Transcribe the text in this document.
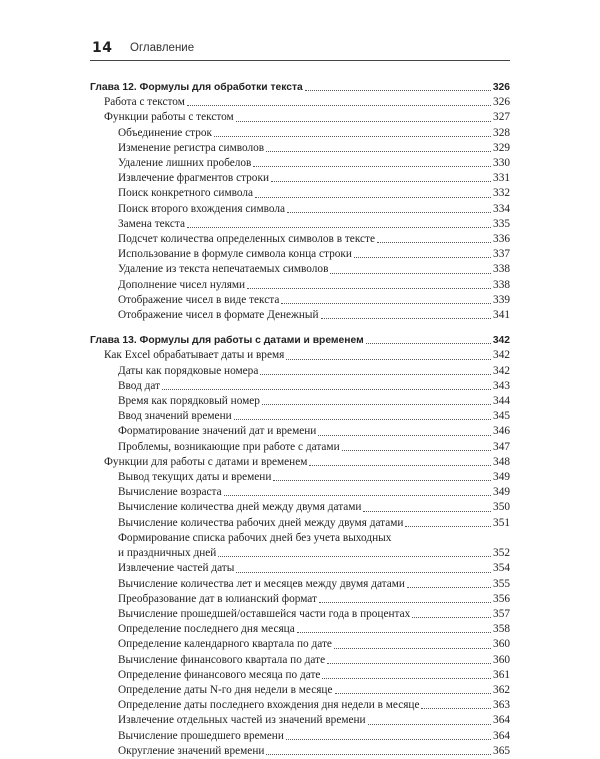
14 Оглавление
Глава 12. Формулы для обработки текста	326
Работа с текстом	326
Функции работы с текстом	327
Объединение строк	328
Изменение регистра символов	329
Удаление лишних пробелов	330
Извлечение фрагментов строки	331
Поиск конкретного символа	332
Поиск второго вхождения символа	334
Замена текста	335
Подсчет количества определенных символов в тексте	336
Использование в формуле символа конца строки	337
Удаление из текста непечатаемых символов	338
Дополнение чисел нулями	338
Отображение чисел в виде текста	339
Отображение чисел в формате Денежный	341
Глава 13. Формулы для работы с датами и временем	342
Как Excel обрабатывает даты и время	342
Даты как порядковые номера	342
Ввод дат	343
Время как порядковый номер	344
Ввод значений времени	345
Форматирование значений дат и времени	346
Проблемы, возникающие при работе с датами	347
Функции для работы с датами и временем	348
Вывод текущих даты и времени	349
Вычисление возраста	349
Вычисление количества дней между двумя датами	350
Вычисление количества рабочих дней между двумя датами	351
Формирование списка рабочих дней без учета выходных
и праздничных дней	352
Извлечение частей даты	354
Вычисление количества лет и месяцев между двумя датами	355
Преобразование дат в юлианский формат	356
Вычисление прошедшей/оставшейся части года в процентах	357
Определение последнего дня месяца	358
Определение календарного квартала по дате	360
Вычисление финансового квартала по дате	360
Определение финансового месяца по дате	361
Определение даты N-го дня недели в месяце	362
Определение даты последнего вхождения дня недели в месяце	363
Извлечение отдельных частей из значений времени	364
Вычисление прошедшего времени	364
Округление значений времени	365
